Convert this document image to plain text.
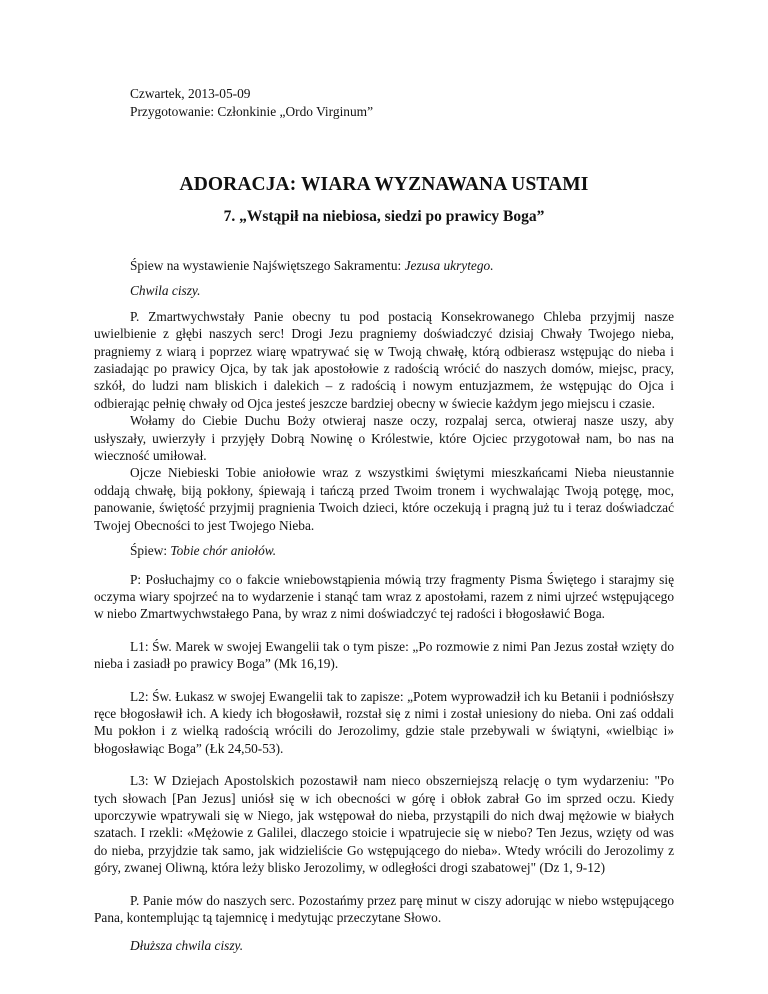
Czwartek, 2013-05-09
Przygotowanie: Członkinie „Ordo Virginum”
ADORACJA: WIARA WYZNAWANA USTAMI
7. „Wstąpił na niebiosa, siedzi po prawicy Boga”

Śpiew na wystawienie Najświętszego Sakramentu: Jezusa ukrytego.

Chwila ciszy.

P. Zmartwychwstały Panie obecny tu pod postacią Konsekrowanego Chleba przyjmij nasze uwielbienie z głębi naszych serc! Drogi Jezu pragniemy doświadczyć dzisiaj Chwały Twojego nieba, pragniemy z wiarą i poprzez wiarę wpatrywać się w Twoją chwałę, którą odbierasz wstępując do nieba i zasiadając po prawicy Ojca, by tak jak apostołowie z radością wrócić do naszych domów, miejsc, pracy, szkół, do ludzi nam bliskich i dalekich – z radością i nowym entuzjazmem, że wstępując do Ojca i odbierając pełnię chwały od Ojca jesteś jeszcze bardziej obecny w świecie każdym jego miejscu i czasie.

Wołamy do Ciebie Duchu Boży otwieraj nasze oczy, rozpalaj serca, otwieraj nasze uszy, aby usłyszały, uwierzyły i przyjęły Dobrą Nowinę o Królestwie, które Ojciec przygotował nam, bo nas na wieczność umiłował.

Ojcze Niebieski Tobie aniołowie wraz z wszystkimi świętymi mieszkańcami Nieba nieustannie oddają chwałę, biją pokłony, śpiewają i tańczą przed Twoim tronem i wychwalając Twoją potęgę, moc, panowanie, świętość przyjmij pragnienia Twoich dzieci, które oczekują i pragną już tu i teraz doświadczać Twojej Obecności to jest Twojego Nieba.

Śpiew: Tobie chór aniołów.

P: Posłuchajmy co o fakcie wniebowstąpienia mówią trzy fragmenty Pisma Świętego i starajmy się oczyma wiary spojrzeć na to wydarzenie i stanąć tam wraz z apostołami, razem z nimi ujrzeć wstępującego w niebo Zmartwychwstałego Pana, by wraz z nimi doświadczyć tej radości i błogosławić Boga.

L1: Św. Marek w swojej Ewangelii tak o tym pisze: „Po rozmowie z nimi Pan Jezus został wzięty do nieba i zasiadł po prawicy Boga” (Mk 16,19).

L2: Św. Łukasz w swojej Ewangelii tak to zapisze: „Potem wyprowadził ich ku Betanii i podniósłszy ręce błogosławił ich. A kiedy ich błogosławił, rozstał się z nimi i został uniesiony do nieba. Oni zaś oddali Mu pokłon i z wielką radością wrócili do Jerozolimy, gdzie stale przebywali w świątyni, «wielbiąc i» błogosławiąc Boga” (Łk 24,50-53).

L3: W Dziejach Apostolskich pozostawił nam nieco obszerniejszą relację o tym wydarzeniu: "Po tych słowach [Pan Jezus] uniósł się w ich obecności w górę i obłok zabrał Go im sprzed oczu. Kiedy uporczywie wpatrywali się w Niego, jak wstępował do nieba, przystąpili do nich dwaj mężowie w białych szatach. I rzekli: «Mężowie z Galilei, dlaczego stoicie i wpatrujecie się w niebo? Ten Jezus, wzięty od was do nieba, przyjdzie tak samo, jak widzieliście Go wstępującego do nieba». Wtedy wrócili do Jerozolimy z góry, zwanej Oliwną, która leży blisko Jerozolimy, w odległości drogi szabatowej" (Dz 1, 9-12)

P. Panie mów do naszych serc. Pozostańmy przez parę minut w ciszy adorując w niebo wstępującego Pana, kontemplując tą tajemnicę i medytując przeczytane Słowo.

Dłuższa chwila ciszy.
